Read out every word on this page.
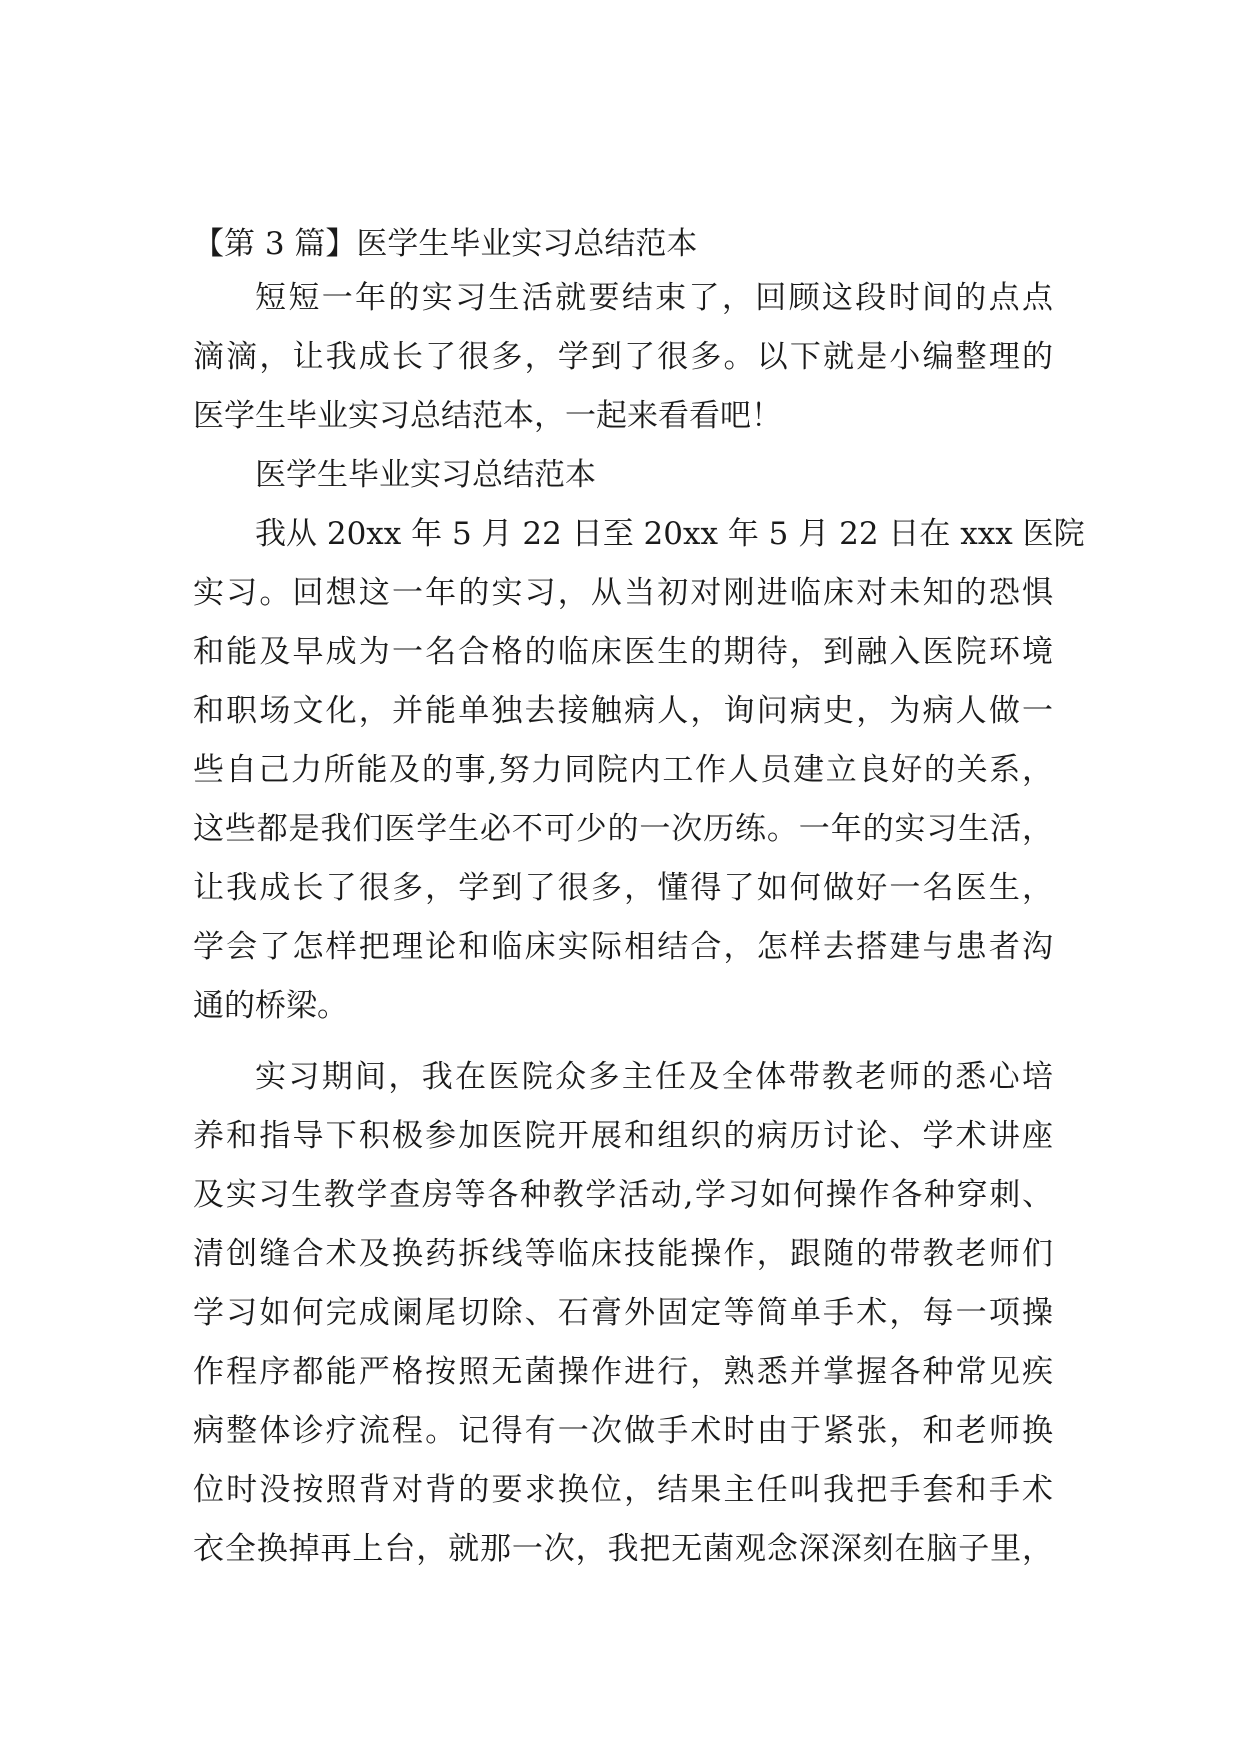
【第 3 篇】医学生毕业实习总结范本
短短一年的实习生活就要结束了，回顾这段时间的点点
滴滴，让我成长了很多，学到了很多。以下就是小编整理的
医学生毕业实习总结范本，一起来看看吧！
医学生毕业实习总结范本
我从 20xx 年 5 月 22 日至 20xx 年 5 月 22 日在 xxx 医院
实习。回想这一年的实习，从当初对刚进临床对未知的恐惧
和能及早成为一名合格的临床医生的期待，到融入医院环境
和职场文化，并能单独去接触病人，询问病史，为病人做一
些自己力所能及的事,努力同院内工作人员建立良好的关系，
这些都是我们医学生必不可少的一次历练。一年的实习生活，
让我成长了很多，学到了很多，懂得了如何做好一名医生，
学会了怎样把理论和临床实际相结合，怎样去搭建与患者沟
通的桥梁。
实习期间，我在医院众多主任及全体带教老师的悉心培
养和指导下积极参加医院开展和组织的病历讨论、学术讲座
及实习生教学查房等各种教学活动,学习如何操作各种穿刺、
清创缝合术及换药拆线等临床技能操作，跟随的带教老师们
学习如何完成阑尾切除、石膏外固定等简单手术，每一项操
作程序都能严格按照无菌操作进行，熟悉并掌握各种常见疾
病整体诊疗流程。记得有一次做手术时由于紧张，和老师换
位时没按照背对背的要求换位，结果主任叫我把手套和手术
衣全换掉再上台，就那一次，我把无菌观念深深刻在脑子里，
